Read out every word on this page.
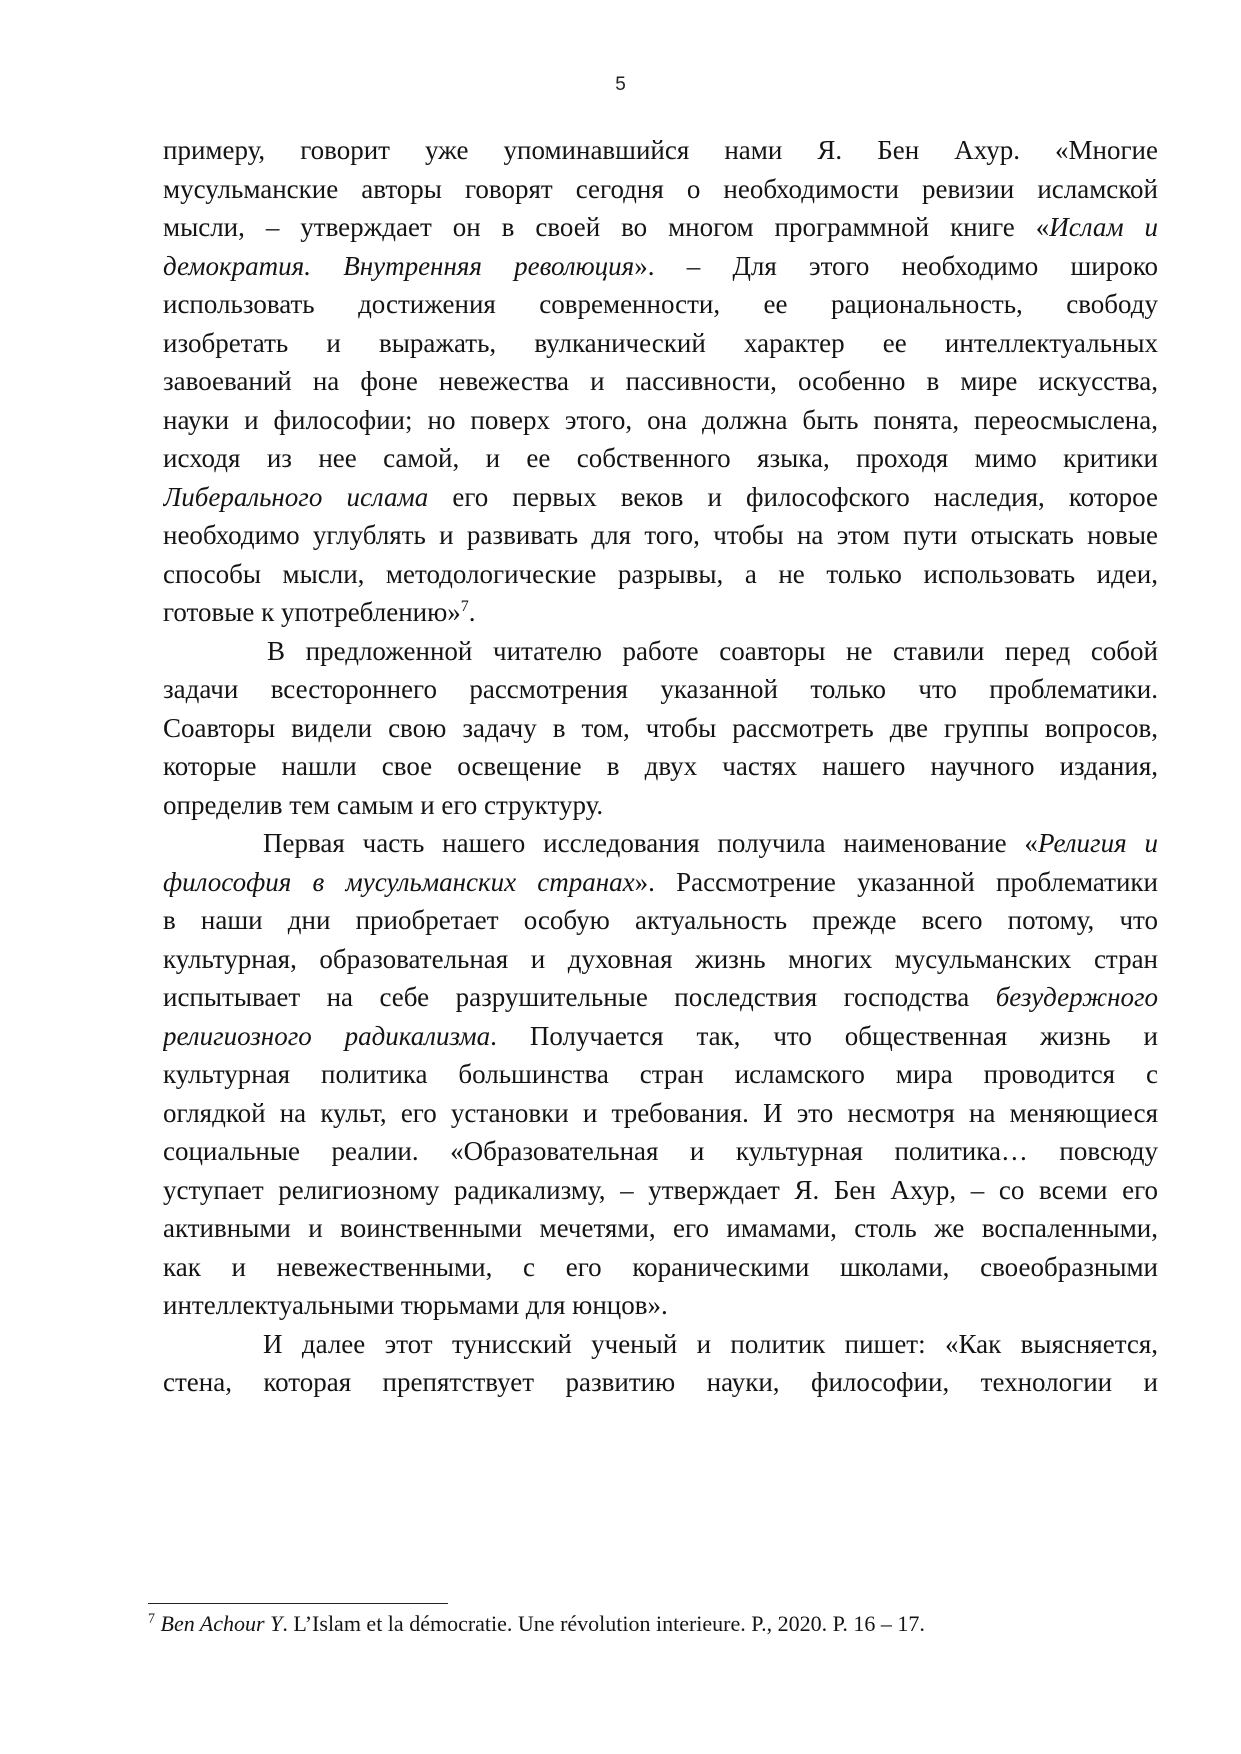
5
примеру, говорит уже упоминавшийся нами Я. Бен Ахур. «Многие
мусульманские авторы говорят сегодня о необходимости ревизии исламской
мысли, – утверждает он в своей во многом программной книге «Ислам и
демократия. Внутренняя революция». – Для этого необходимо широко
использовать достижения современности, ее рациональность, свободу
изобретать и выражать, вулканический характер ее интеллектуальных
завоеваний на фоне невежества и пассивности, особенно в мире искусства,
науки и философии; но поверх этого, она должна быть понята, переосмыслена,
исходя из нее самой, и ее собственного языка, проходя мимо критики
Либерального ислама его первых веков и философского наследия, которое
необходимо углублять и развивать для того, чтобы на этом пути отыскать новые
способы мысли, методологические разрывы, а не только использовать идеи,
готовые к употреблению»$^7$.
В предложенной читателю работе соавторы не ставили перед собой
задачи всестороннего рассмотрения указанной только что проблематики.
Соавторы видели свою задачу в том, чтобы рассмотреть две группы вопросов,
которые нашли свое освещение в двух частях нашего научного издания,
определив тем самым и его структуру.
Первая часть нашего исследования получила наименование «Религия и
философия в мусульманских странах». Рассмотрение указанной проблематики
в наши дни приобретает особую актуальность прежде всего потому, что
культурная, образовательная и духовная жизнь многих мусульманских стран
испытывает на себе разрушительные последствия господства безудержного
религиозного радикализма. Получается так, что общественная жизнь и
культурная политика большинства стран исламского мира проводится с
оглядкой на культ, его установки и требования. И это несмотря на меняющиеся
социальные реалии. «Образовательная и культурная политика… повсюду
уступает религиозному радикализму, – утверждает Я. Бен Ахур, – со всеми его
активными и воинственными мечетями, его имамами, столь же воспаленными,
как и невежественными, с его кораническими школами, своеобразными
интеллектуальными тюрьмами для юнцов».
И далее этот тунисский ученый и политик пишет: «Как выясняется,
стена, которая препятствует развитию науки, философии, технологии и
$^7$ Ben Achour Y. L’Islam et la démocratie. Une révolution interieure. P., 2020. P. 16 – 17.
